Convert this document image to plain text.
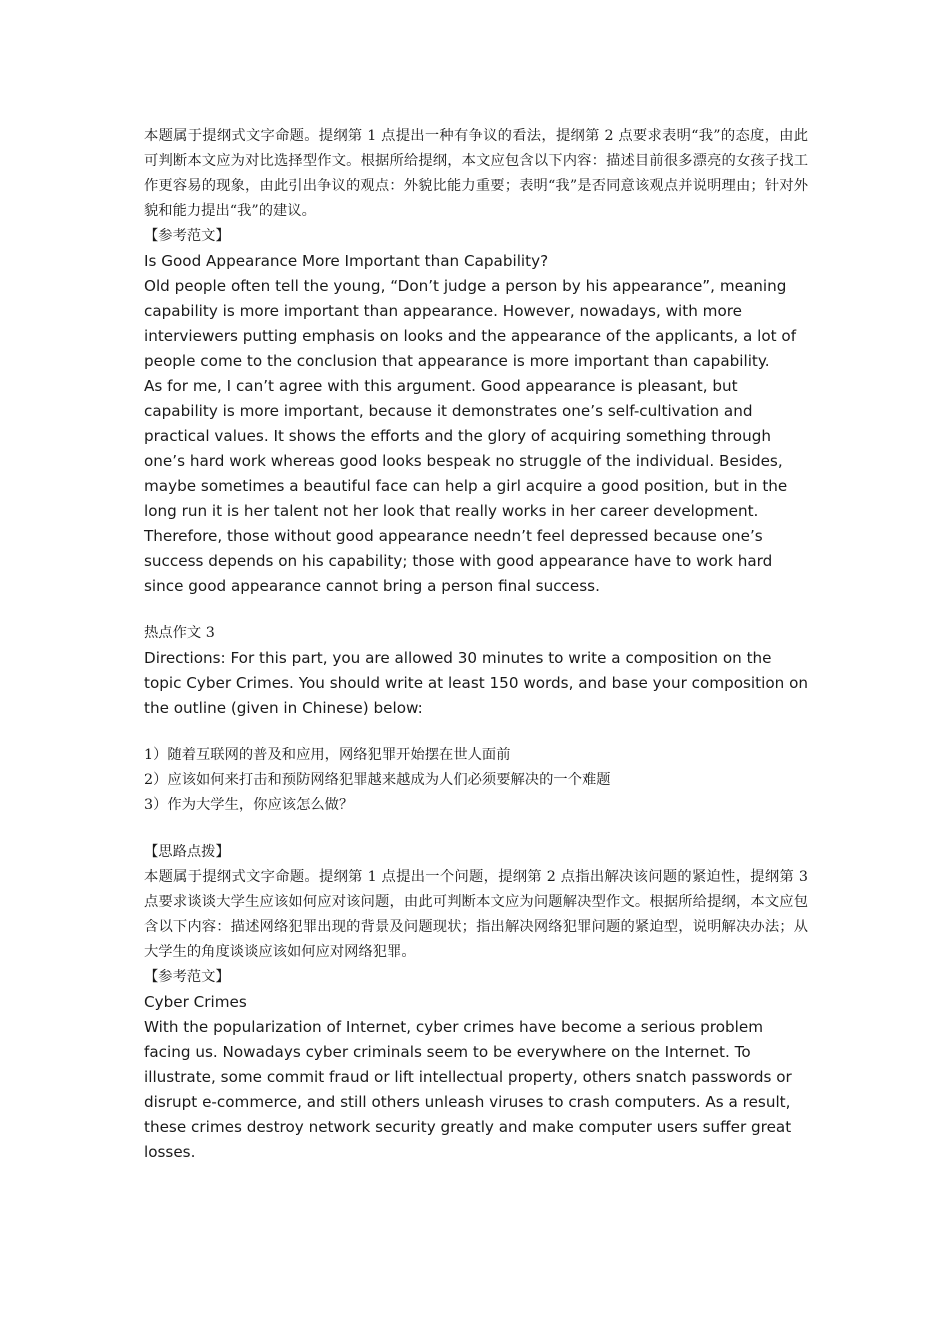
本题属于提纲式文字命题。提纲第 1 点提出一种有争议的看法，提纲第 2 点要求表明“我”的态度，由此可判断本文应为对比选择型作文。根据所给提纲，本文应包含以下内容：描述目前很多漂亮的女孩子找工作更容易的现象，由此引出争议的观点：外貌比能力重要；表明“我”是否同意该观点并说明理由；针对外貌和能力提出“我”的建议。

【参考范文】

Is Good Appearance More Important than Capability?

Old people often tell the young, “Don’t judge a person by his appearance”, meaning capability is more important than appearance. However, nowadays, with more interviewers putting emphasis on looks and the appearance of the applicants, a lot of people come to the conclusion that appearance is more important than capability.

As for me, I can’t agree with this argument. Good appearance is pleasant, but capability is more important, because it demonstrates one’s self-cultivation and practical values. It shows the efforts and the glory of acquiring something through one’s hard work whereas good looks bespeak no struggle of the individual. Besides, maybe sometimes a beautiful face can help a girl acquire a good position, but in the long run it is her talent not her look that really works in her career development.

Therefore, those without good appearance needn’t feel depressed because one’s success depends on his capability; those with good appearance have to work hard since good appearance cannot bring a person final success.

热点作文 3

Directions: For this part, you are allowed 30 minutes to write a composition on the topic Cyber Crimes. You should write at least 150 words, and base your composition on the outline (given in Chinese) below:

1）随着互联网的普及和应用，网络犯罪开始摆在世人面前

2）应该如何来打击和预防网络犯罪越来越成为人们必须要解决的一个难题

3）作为大学生，你应该怎么做？

【思路点拨】

本题属于提纲式文字命题。提纲第 1 点提出一个问题，提纲第 2 点指出解决该问题的紧迫性，提纲第 3 点要求谈谈大学生应该如何应对该问题，由此可判断本文应为问题解决型作文。根据所给提纲，本文应包含以下内容：描述网络犯罪出现的背景及问题现状；指出解决网络犯罪问题的紧迫型，说明解决办法；从大学生的角度谈谈应该如何应对网络犯罪。

【参考范文】

Cyber Crimes

With the popularization of Internet, cyber crimes have become a serious problem facing us. Nowadays cyber criminals seem to be everywhere on the Internet. To illustrate, some commit fraud or lift intellectual property, others snatch passwords or disrupt e-commerce, and still others unleash viruses to crash computers. As a result, these crimes destroy network security greatly and make computer users suffer great losses.
